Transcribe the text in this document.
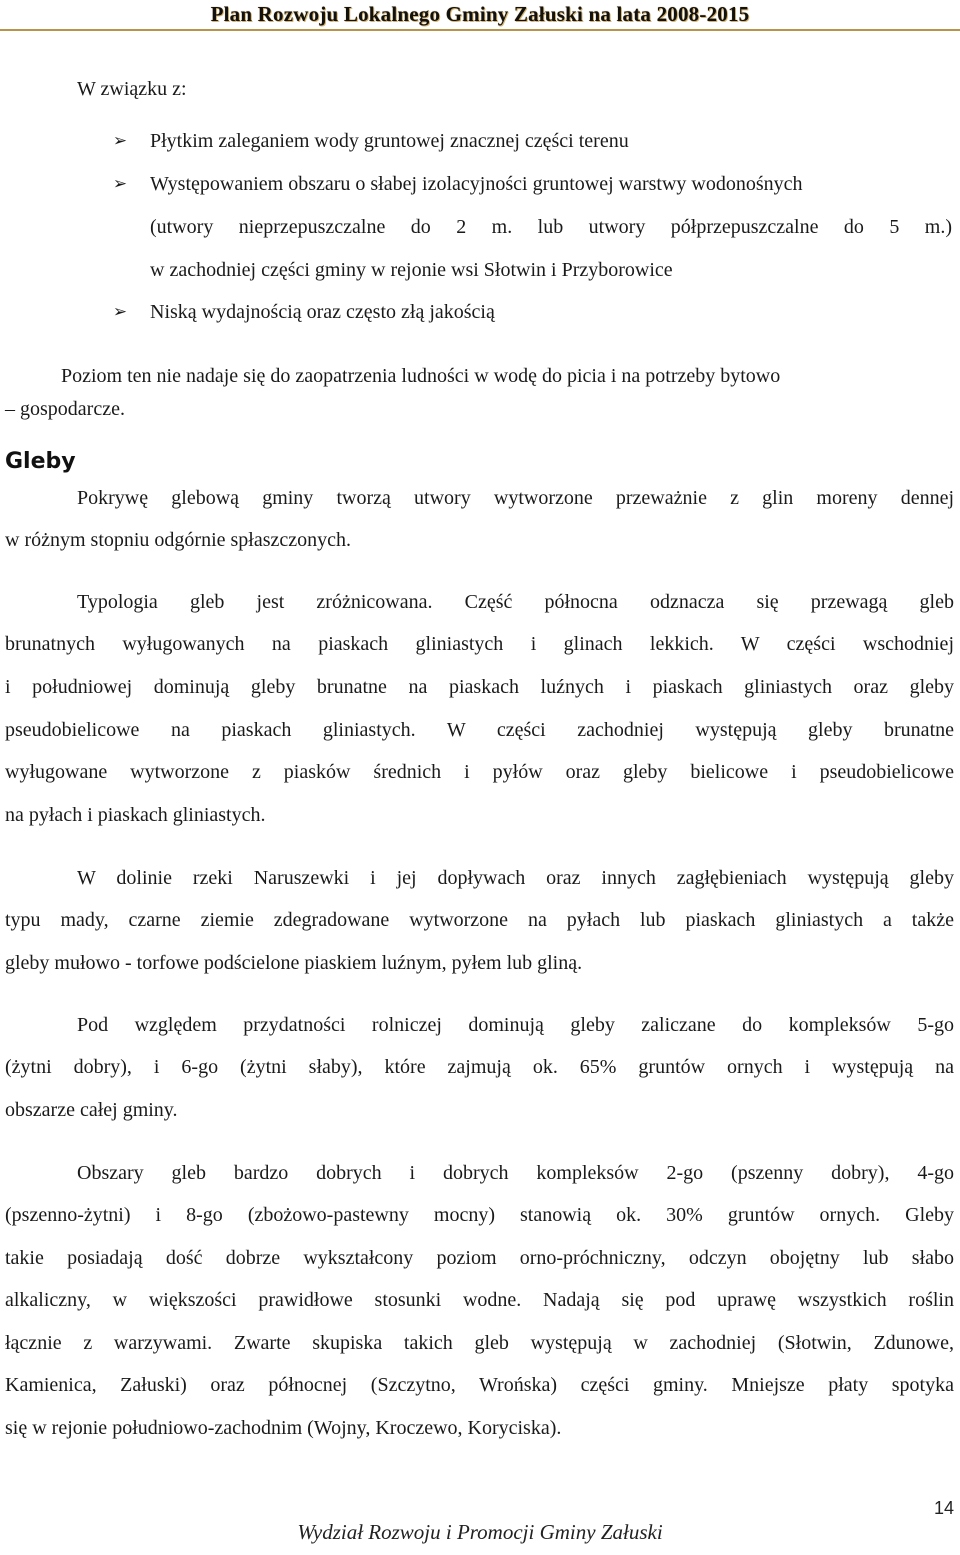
Plan Rozwoju Lokalnego Gminy Załuski na lata 2008-2015
W związku z:
➢ Płytkim zaleganiem wody gruntowej znacznej części terenu
➢ Występowaniem obszaru o słabej izolacyjności gruntowej warstwy wodonośnych
(utwory nieprzepuszczalne do 2 m. lub utwory półprzepuszczalne do 5 m.)
w zachodniej części gminy w rejonie wsi Słotwin i Przyborowice
➢ Niską wydajnością oraz często złą jakością
Poziom ten nie nadaje się do zaopatrzenia ludności w wodę do picia i na potrzeby bytowo
– gospodarcze.
Gleby
Pokrywę glebową gminy tworzą utwory wytworzone przeważnie z glin moreny dennej
w różnym stopniu odgórnie spłaszczonych.
Typologia gleb jest zróżnicowana. Część północna odznacza się przewagą gleb
brunatnych wyługowanych na piaskach gliniastych i glinach lekkich. W części wschodniej
i południowej dominują gleby brunatne na piaskach luźnych i piaskach gliniastych oraz gleby
pseudobielicowe na piaskach gliniastych. W części zachodniej występują gleby brunatne
wyługowane wytworzone z piasków średnich i pyłów oraz gleby bielicowe i pseudobielicowe
na pyłach i piaskach gliniastych.
W dolinie rzeki Naruszewki i jej dopływach oraz innych zagłębieniach występują gleby
typu mady, czarne ziemie zdegradowane wytworzone na pyłach lub piaskach gliniastych a także
gleby mułowo - torfowe podścielone piaskiem luźnym, pyłem lub gliną.
Pod względem przydatności rolniczej dominują gleby zaliczane do kompleksów 5-go
(żytni dobry), i 6-go (żytni słaby), które zajmują ok. 65% gruntów ornych i występują na
obszarze całej gminy.
Obszary gleb bardzo dobrych i dobrych kompleksów 2-go (pszenny dobry), 4-go
(pszenno-żytni) i 8-go (zbożowo-pastewny mocny) stanowią ok. 30% gruntów ornych. Gleby
takie posiadają dość dobrze wykształcony poziom orno-próchniczny, odczyn obojętny lub słabo
alkaliczny, w większości prawidłowe stosunki wodne. Nadają się pod uprawę wszystkich roślin
łącznie z warzywami. Zwarte skupiska takich gleb występują w zachodniej (Słotwin, Zdunowe,
Kamienica, Załuski) oraz północnej (Szczytno, Wrońska) części gminy. Mniejsze płaty spotyka
się w rejonie południowo-zachodnim (Wojny, Kroczewo, Koryciska).
14
Wydział Rozwoju i Promocji Gminy Załuski
